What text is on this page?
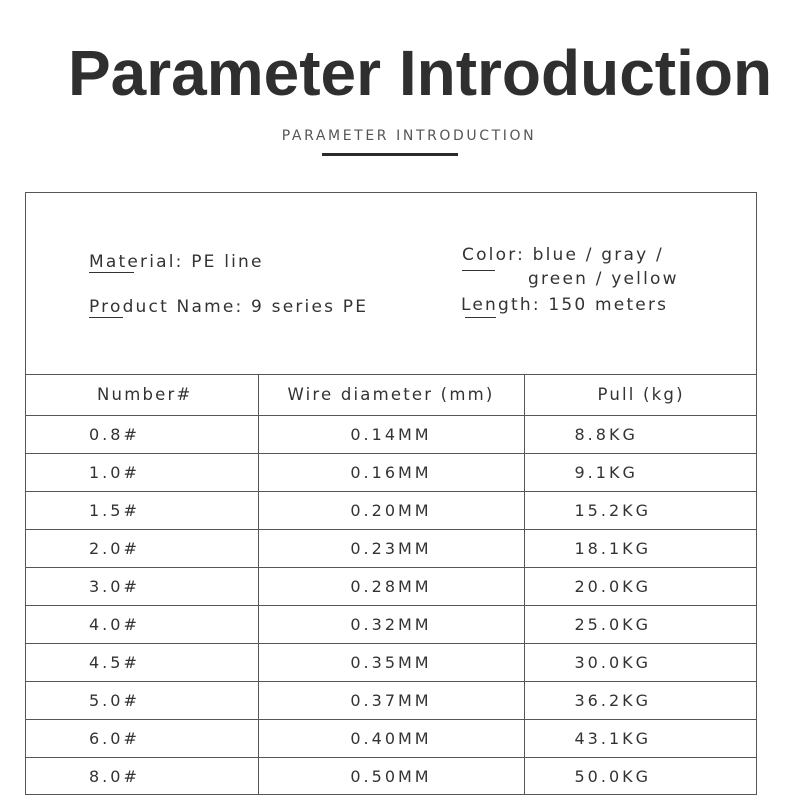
Parameter Introduction
PARAMETER INTRODUCTION
Material: PE line
Product Name: 9 series PE
Color: blue / gray /
green / yellow
Length: 150 meters
Number#	Wire diameter (mm)	Pull (kg)
0.8#	0.14MM	8.8KG
1.0#	0.16MM	9.1KG
1.5#	0.20MM	15.2KG
2.0#	0.23MM	18.1KG
3.0#	0.28MM	20.0KG
4.0#	0.32MM	25.0KG
4.5#	0.35MM	30.0KG
5.0#	0.37MM	36.2KG
6.0#	0.40MM	43.1KG
8.0#	0.50MM	50.0KG
